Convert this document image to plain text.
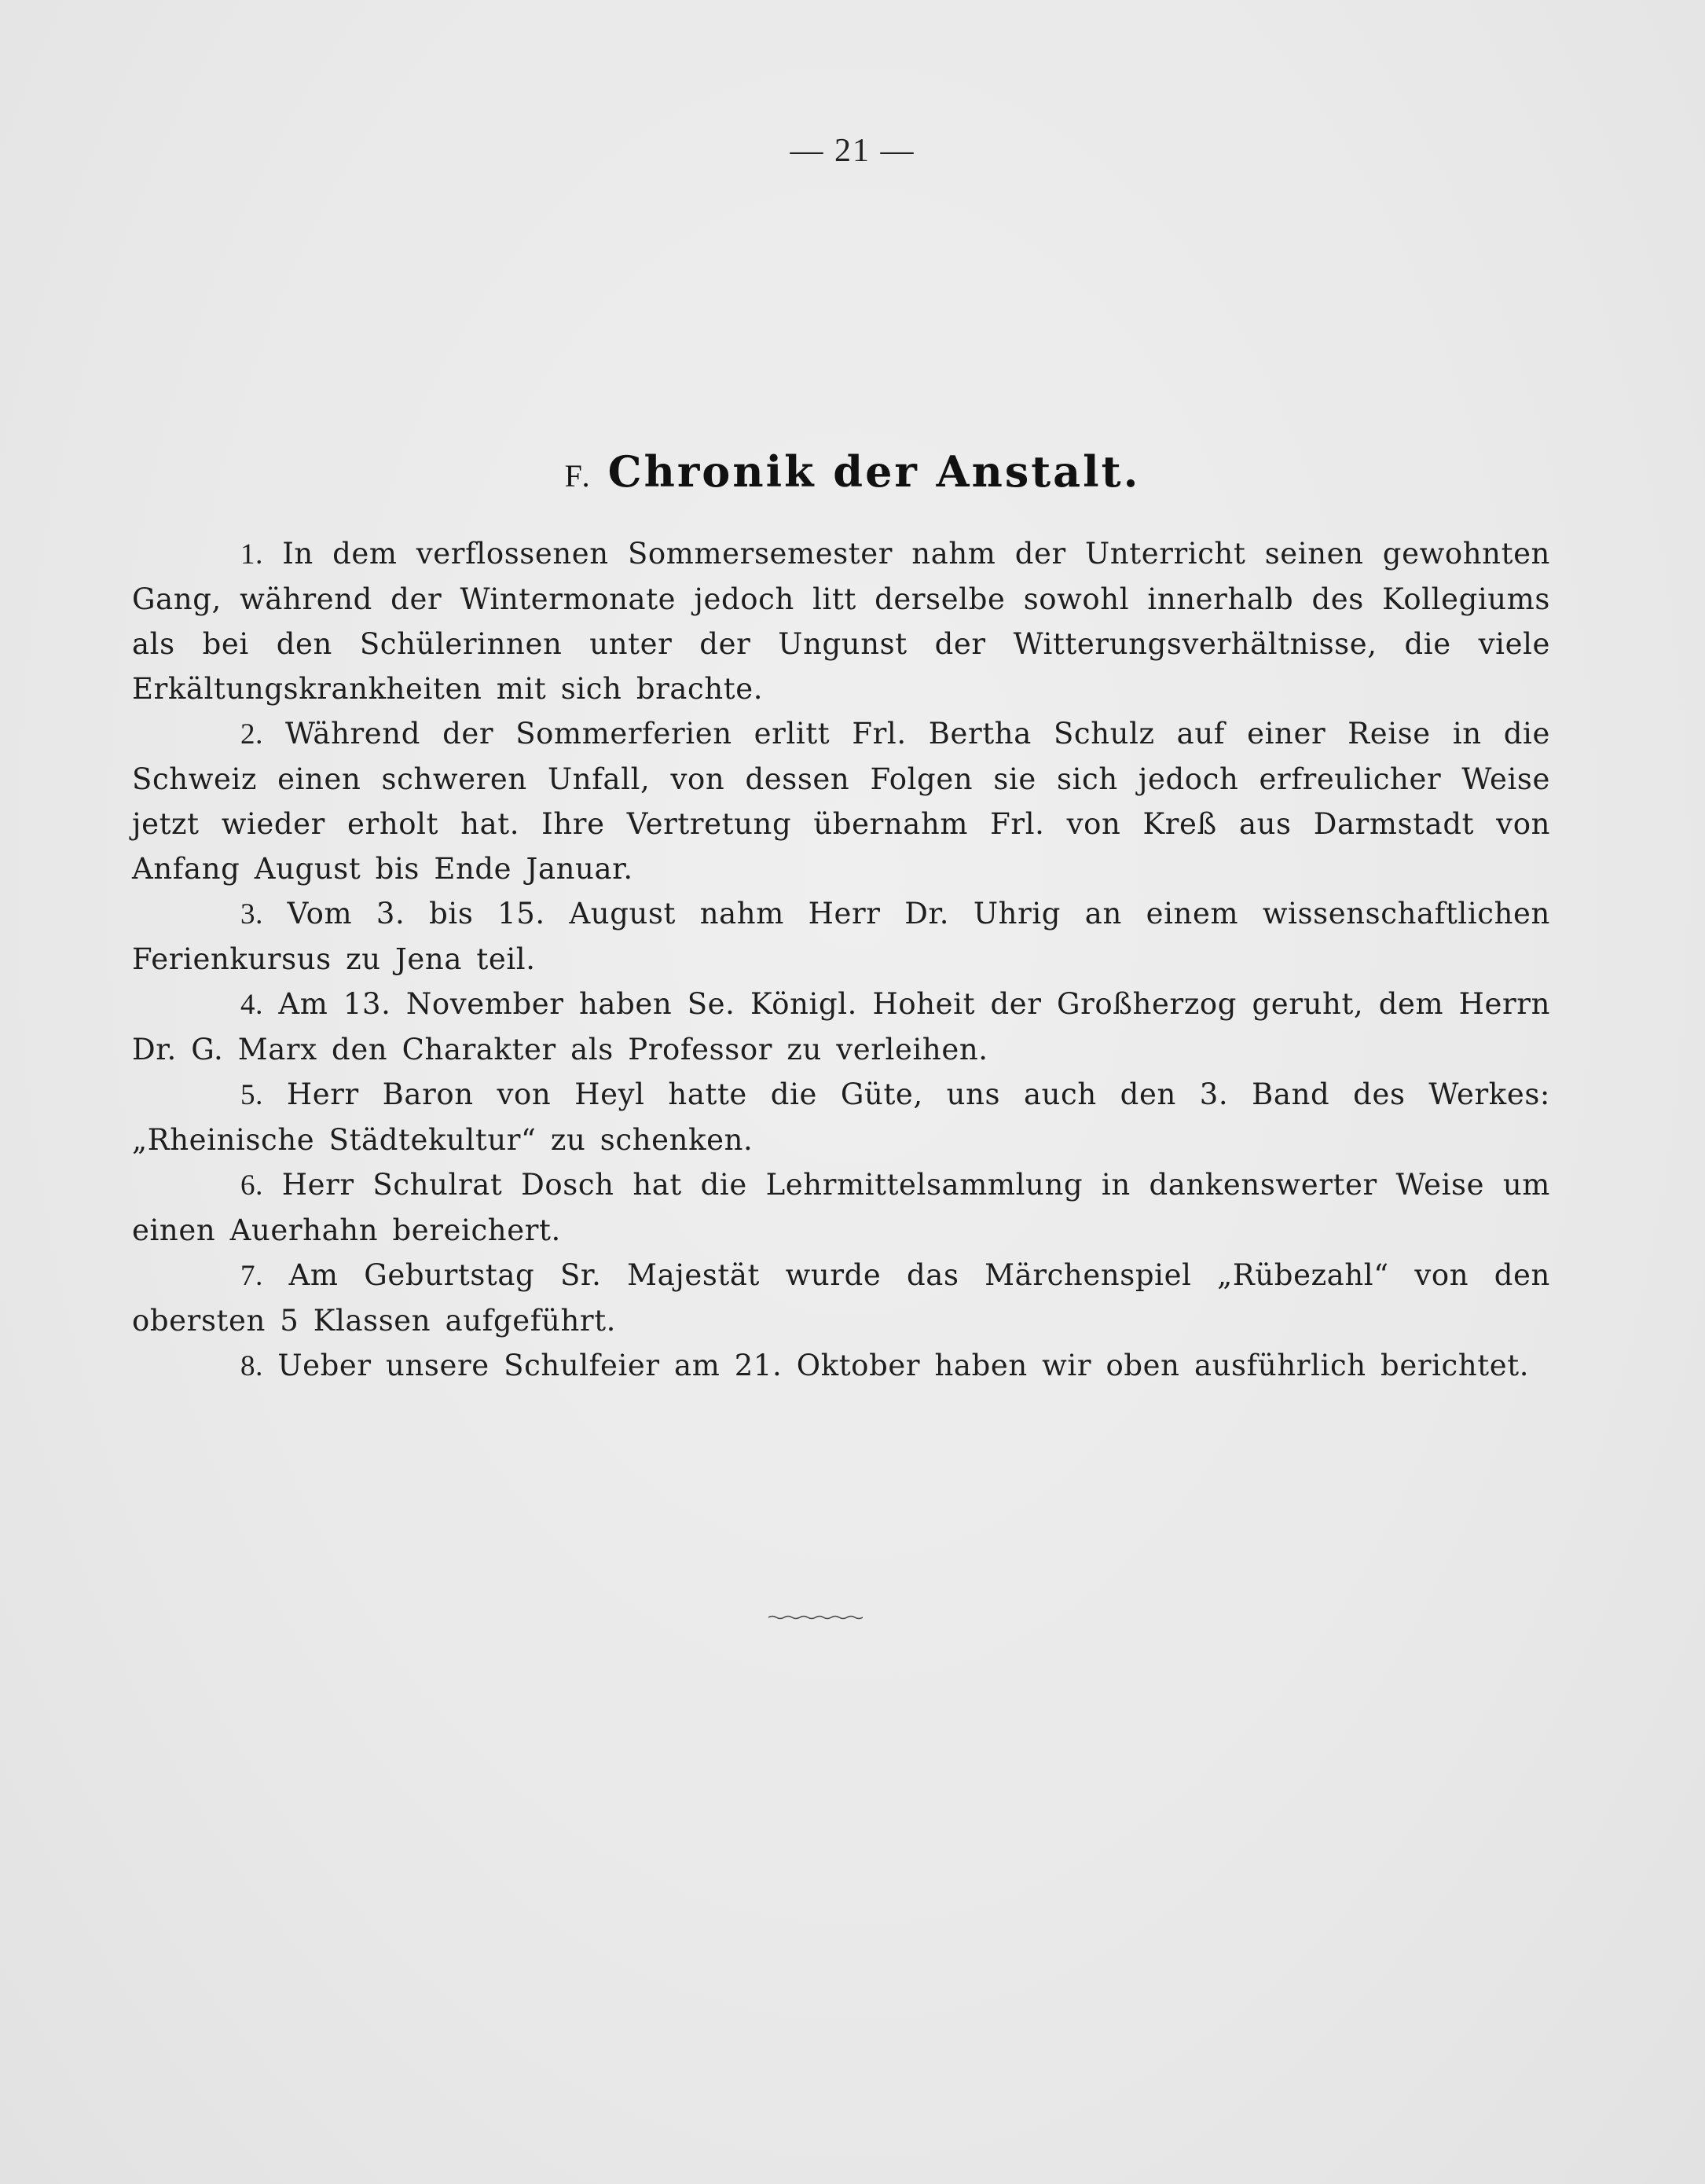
— 21 —
F. Chronik der Anstalt.

1. In dem verflossenen Sommersemester nahm der Unterricht seinen gewohnten Gang, während der Wintermonate jedoch litt derselbe sowohl innerhalb des Kollegiums als bei den Schülerinnen unter der Ungunst der Witterungsverhältnisse, die viele Erkältungskrankheiten mit sich brachte.

2. Während der Sommerferien erlitt Frl. Bertha Schulz auf einer Reise in die Schweiz einen schweren Unfall, von dessen Folgen sie sich jedoch erfreulicher Weise jetzt wieder erholt hat. Ihre Vertretung übernahm Frl. von Kreß aus Darmstadt von Anfang August bis Ende Januar.

3. Vom 3. bis 15. August nahm Herr Dr. Uhrig an einem wissenschaftlichen Ferienkursus zu Jena teil.

4. Am 13. November haben Se. Königl. Hoheit der Großherzog geruht, dem Herrn Dr. G. Marx den Charakter als Professor zu verleihen.

5. Herr Baron von Heyl hatte die Güte, uns auch den 3. Band des Werkes: „Rheinische Städtekultur“ zu schenken.

6. Herr Schulrat Dosch hat die Lehrmittelsammlung in dankenswerter Weise um einen Auerhahn bereichert.

7. Am Geburtstag Sr. Majestät wurde das Märchenspiel „Rübezahl“ von den obersten 5 Klassen aufgeführt.

8. Ueber unsere Schulfeier am 21. Oktober haben wir oben ausführlich berichtet.
